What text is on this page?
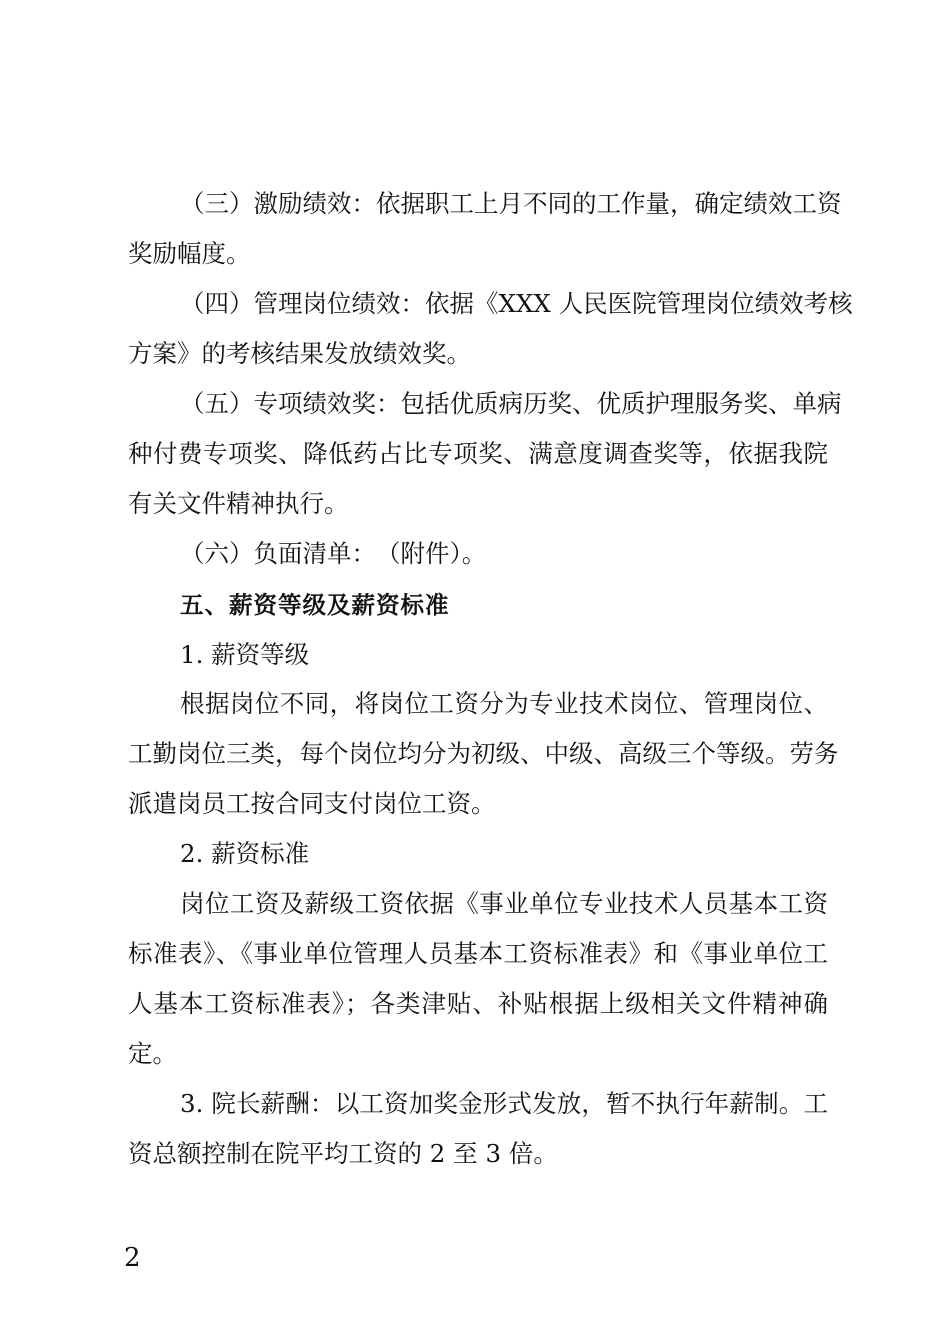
（三）激励绩效：依据职工上月不同的工作量，确定绩效工资
奖励幅度。
（四）管理岗位绩效：依据《XXX 人民医院管理岗位绩效考核
方案》的考核结果发放绩效奖。
（五）专项绩效奖：包括优质病历奖、优质护理服务奖、单病
种付费专项奖、降低药占比专项奖、满意度调查奖等，依据我院
有关文件精神执行。
（六）负面清单：　（附件）。
五、薪资等级及薪资标准
1. 薪资等级
根据岗位不同，将岗位工资分为专业技术岗位、管理岗位、
工勤岗位三类，每个岗位均分为初级、中级、高级三个等级。劳务
派遣岗员工按合同支付岗位工资。
2. 薪资标准
岗位工资及薪级工资依据《事业单位专业技术人员基本工资
标准表》、《事业单位管理人员基本工资标准表》和《事业单位工
人基本工资标准表》；各类津贴、补贴根据上级相关文件精神确
定。
3. 院长薪酬：以工资加奖金形式发放，暂不执行年薪制。工
资总额控制在院平均工资的 2 至 3 倍。
2
